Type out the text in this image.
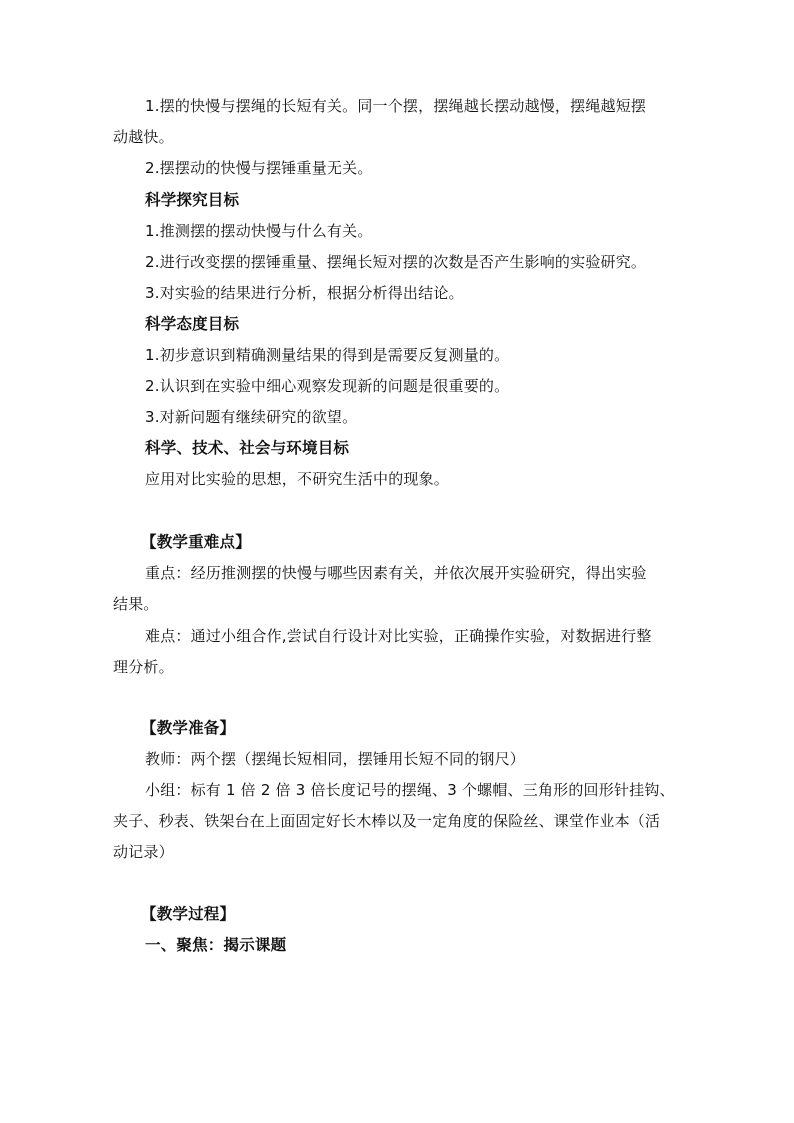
1.摆的快慢与摆绳的长短有关。同一个摆，摆绳越长摆动越慢，摆绳越短摆
动越快。
2.摆摆动的快慢与摆锤重量无关。
科学探究目标
1.推测摆的摆动快慢与什么有关。
2.进行改变摆的摆锤重量、摆绳长短对摆的次数是否产生影响的实验研究。
3.对实验的结果进行分析，根据分析得出结论。
科学态度目标
1.初步意识到精确测量结果的得到是需要反复测量的。
2.认识到在实验中细心观察发现新的问题是很重要的。
3.对新问题有继续研究的欲望。
科学、技术、社会与环境目标
应用对比实验的思想，不研究生活中的现象。
【教学重难点】
重点：经历推测摆的快慢与哪些因素有关，并依次展开实验研究，得出实验
结果。
难点：通过小组合作,尝试自行设计对比实验，正确操作实验，对数据进行整
理分析。
【教学准备】
教师：两个摆（摆绳长短相同，摆锤用长短不同的钢尺）
小组：标有 1 倍 2 倍 3 倍长度记号的摆绳、3 个螺帽、三角形的回形针挂钩、
夹子、秒表、铁架台在上面固定好长木棒以及一定角度的保险丝、课堂作业本（活
动记录）
【教学过程】
一、聚焦：揭示课题
